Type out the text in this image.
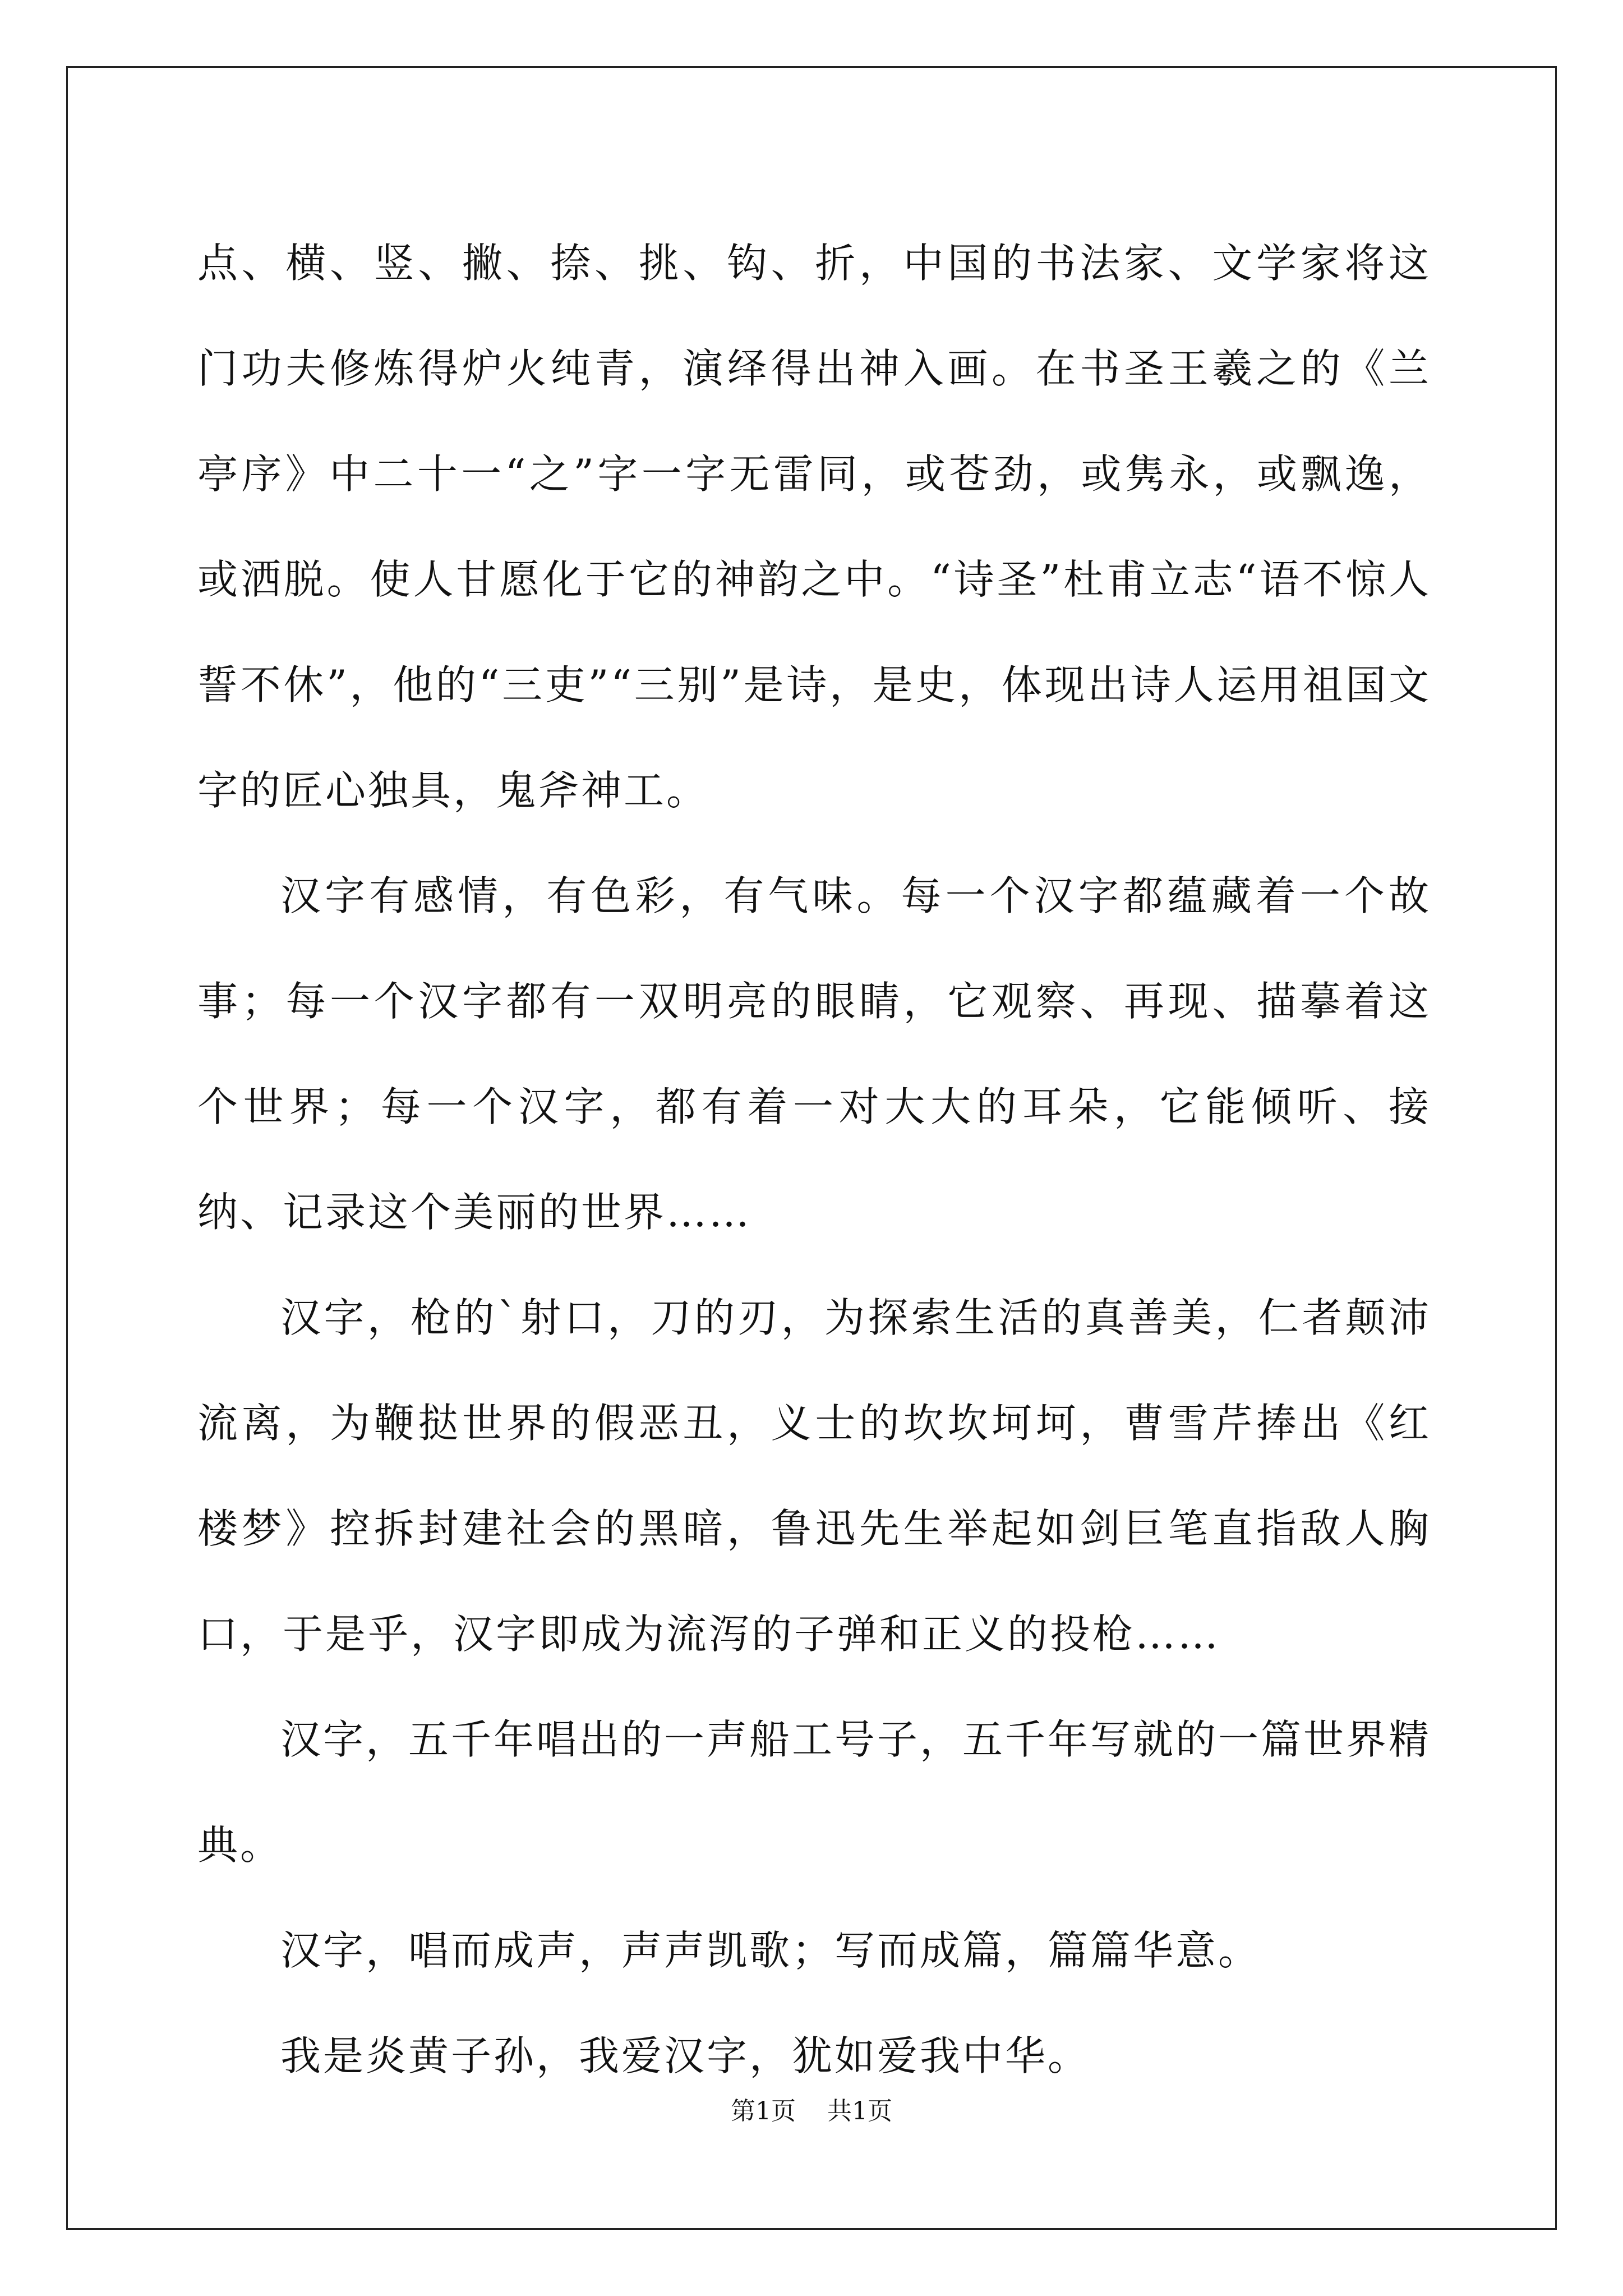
点、横、竖、撇、捺、挑、钩、折，中国的书法家、文学家将这门功夫修炼得炉火纯青，演绎得出神入画。在书圣王羲之的《兰亭序》中二十一“之”字一字无雷同，或苍劲，或隽永，或飘逸，或洒脱。使人甘愿化于它的神韵之中。“诗圣”杜甫立志“语不惊人誓不休”，他的“三吏”“三别”是诗，是史，体现出诗人运用祖国文字的匠心独具，鬼斧神工。

汉字有感情，有色彩，有气味。每一个汉字都蕴藏着一个故事；每一个汉字都有一双明亮的眼睛，它观察、再现、描摹着这个世界；每一个汉字，都有着一对大大的耳朵，它能倾听、接纳、记录这个美丽的世界……

汉字，枪的`射口，刀的刃，为探索生活的真善美，仁者颠沛流离，为鞭挞世界的假恶丑，义士的坎坎坷坷，曹雪芹捧出《红楼梦》控拆封建社会的黑暗，鲁迅先生举起如剑巨笔直指敌人胸口，于是乎，汉字即成为流泻的子弹和正义的投枪……

汉字，五千年唱出的一声船工号子，五千年写就的一篇世界精典。

汉字，唱而成声，声声凯歌；写而成篇，篇篇华意。

我是炎黄子孙，我爱汉字，犹如爱我中华。

第1页 共1页
